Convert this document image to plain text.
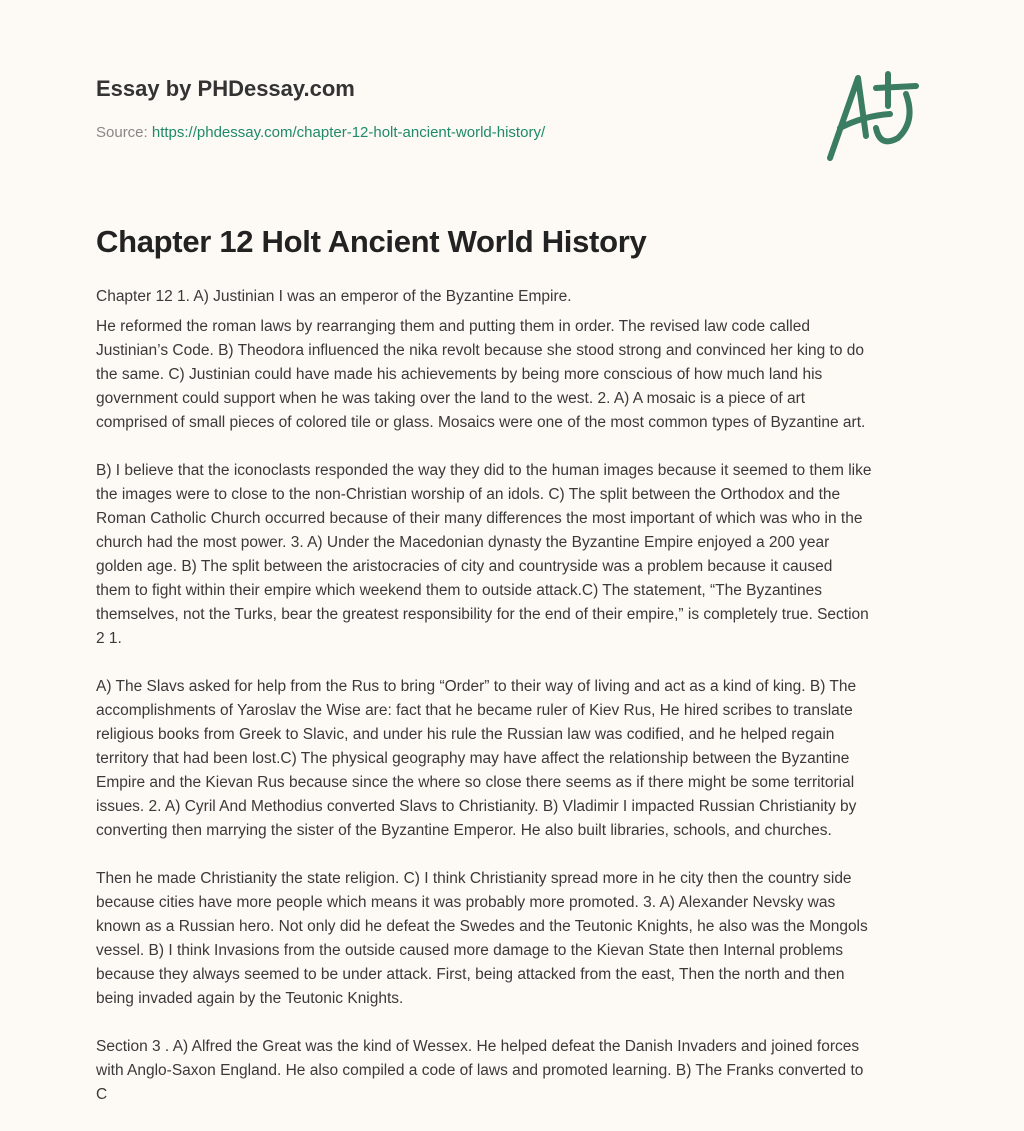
Essay by PHDessay.com
Source: https://phdessay.com/chapter-12-holt-ancient-world-history/
Chapter 12 Holt Ancient World History

Chapter 12 1. A) Justinian I was an emperor of the Byzantine Empire.

He reformed the roman laws by rearranging them and putting them in order. The revised law code called
Justinian’s Code. B) Theodora influenced the nika revolt because she stood strong and convinced her king to do
the same. C) Justinian could have made his achievements by being more conscious of how much land his
government could support when he was taking over the land to the west. 2. A) A mosaic is a piece of art
comprised of small pieces of colored tile or glass. Mosaics were one of the most common types of Byzantine art.

B) I believe that the iconoclasts responded the way they did to the human images because it seemed to them like
the images were to close to the non-Christian worship of an idols. C) The split between the Orthodox and the
Roman Catholic Church occurred because of their many differences the most important of which was who in the
church had the most power. 3. A) Under the Macedonian dynasty the Byzantine Empire enjoyed a 200 year
golden age. B) The split between the aristocracies of city and countryside was a problem because it caused
them to fight within their empire which weekend them to outside attack.C) The statement, “The Byzantines
themselves, not the Turks, bear the greatest responsibility for the end of their empire,” is completely true. Section
2 1.

A) The Slavs asked for help from the Rus to bring “Order” to their way of living and act as a kind of king. B) The
accomplishments of Yaroslav the Wise are: fact that he became ruler of Kiev Rus, He hired scribes to translate
religious books from Greek to Slavic, and under his rule the Russian law was codified, and he helped regain
territory that had been lost.C) The physical geography may have affect the relationship between the Byzantine
Empire and the Kievan Rus because since the where so close there seems as if there might be some territorial
issues. 2. A) Cyril And Methodius converted Slavs to Christianity. B) Vladimir I impacted Russian Christianity by
converting then marrying the sister of the Byzantine Emperor. He also built libraries, schools, and churches.

Then he made Christianity the state religion. C) I think Christianity spread more in he city then the country side
because cities have more people which means it was probably more promoted. 3. A) Alexander Nevsky was
known as a Russian hero. Not only did he defeat the Swedes and the Teutonic Knights, he also was the Mongols
vessel. B) I think Invasions from the outside caused more damage to the Kievan State then Internal problems
because they always seemed to be under attack. First, being attacked from the east, Then the north and then
being invaded again by the Teutonic Knights.

Section 3 . A) Alfred the Great was the kind of Wessex. He helped defeat the Danish Invaders and joined forces
with Anglo-Saxon England. He also compiled a code of laws and promoted learning. B) The Franks converted to
C
